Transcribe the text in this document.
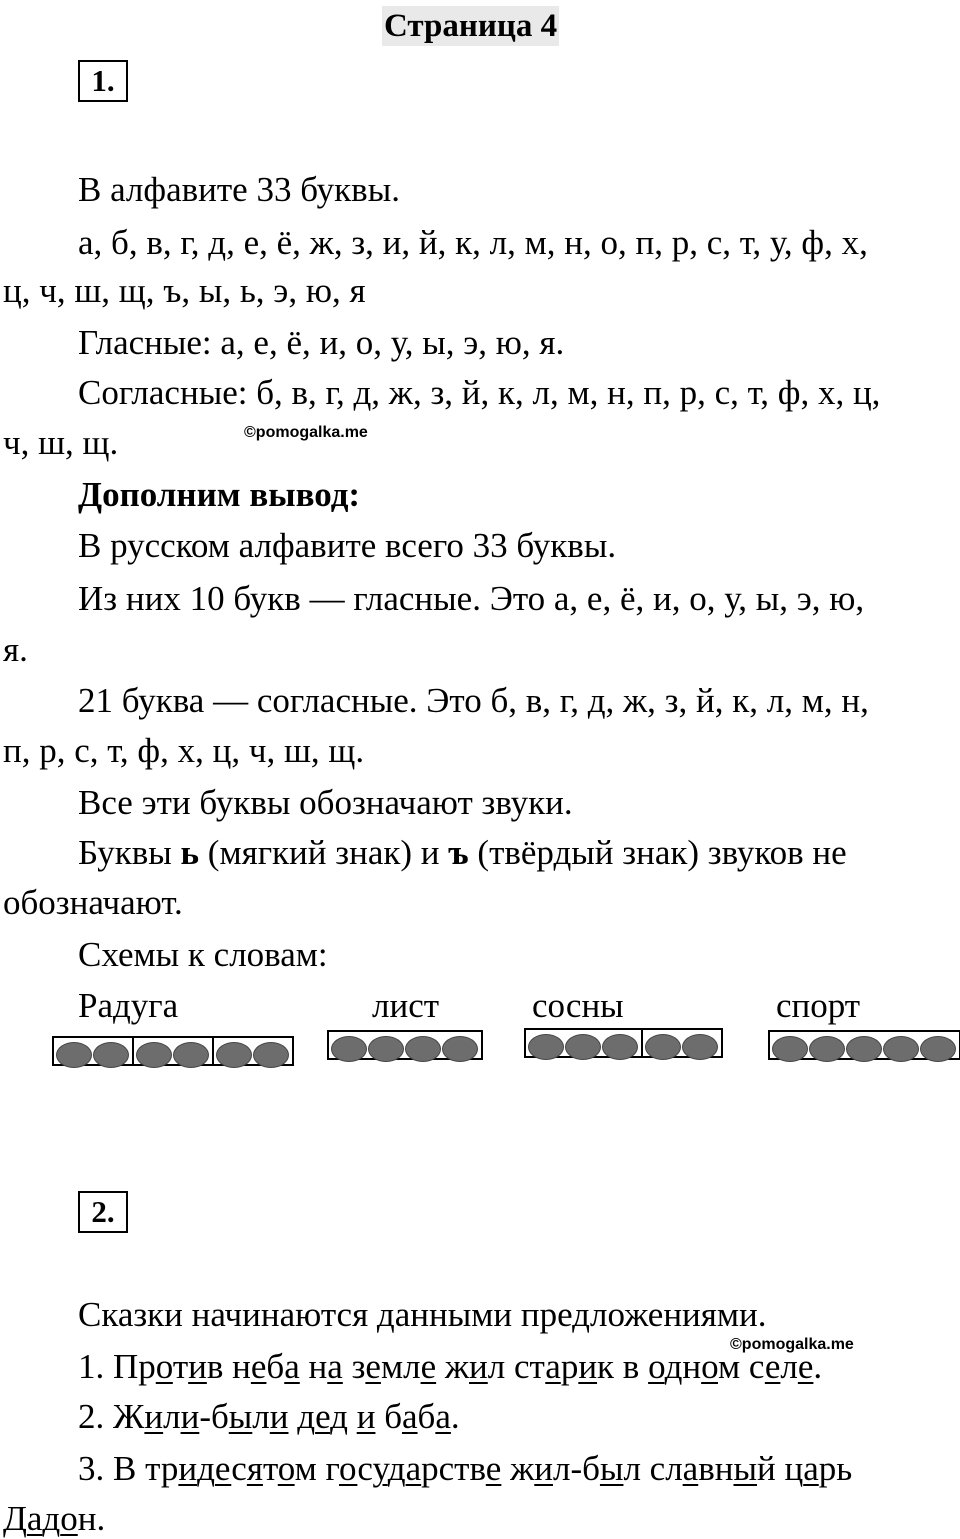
Страница 4
1.
В алфавите 33 буквы.
а, б, в, г, д, е, ё, ж, з, и, й, к, л, м, н, о, п, р, с, т, у, ф, х,
ц, ч, ш, щ, ъ, ы, ь, э, ю, я
Гласные: а, е, ё, и, о, у, ы, э, ю, я.
Согласные: б, в, г, д, ж, з, й, к, л, м, н, п, р, с, т, ф, х, ц,
ч, ш, щ.	©pomogalka.me
Дополним вывод:
В русском алфавите всего 33 буквы.
Из них 10 букв — гласные. Это а, е, ё, и, о, у, ы, э, ю,
я.
21 буква — согласные. Это б, в, г, д, ж, з, й, к, л, м, н,
п, р, с, т, ф, х, ц, ч, ш, щ.
Все эти буквы обозначают звуки.
Буквы ь (мягкий знак) и ъ (твёрдый знак) звуков не
обозначают.
Схемы к словам:
Радуга	лист	сосны	спорт
2.
Сказки начинаются данными предложениями.
©pomogalka.me
1. Против неба на земле жил старик в одном селе.
2. Жили-были дед и баба.
3. В тридесятом государстве жил-был славный царь
Дадон.
